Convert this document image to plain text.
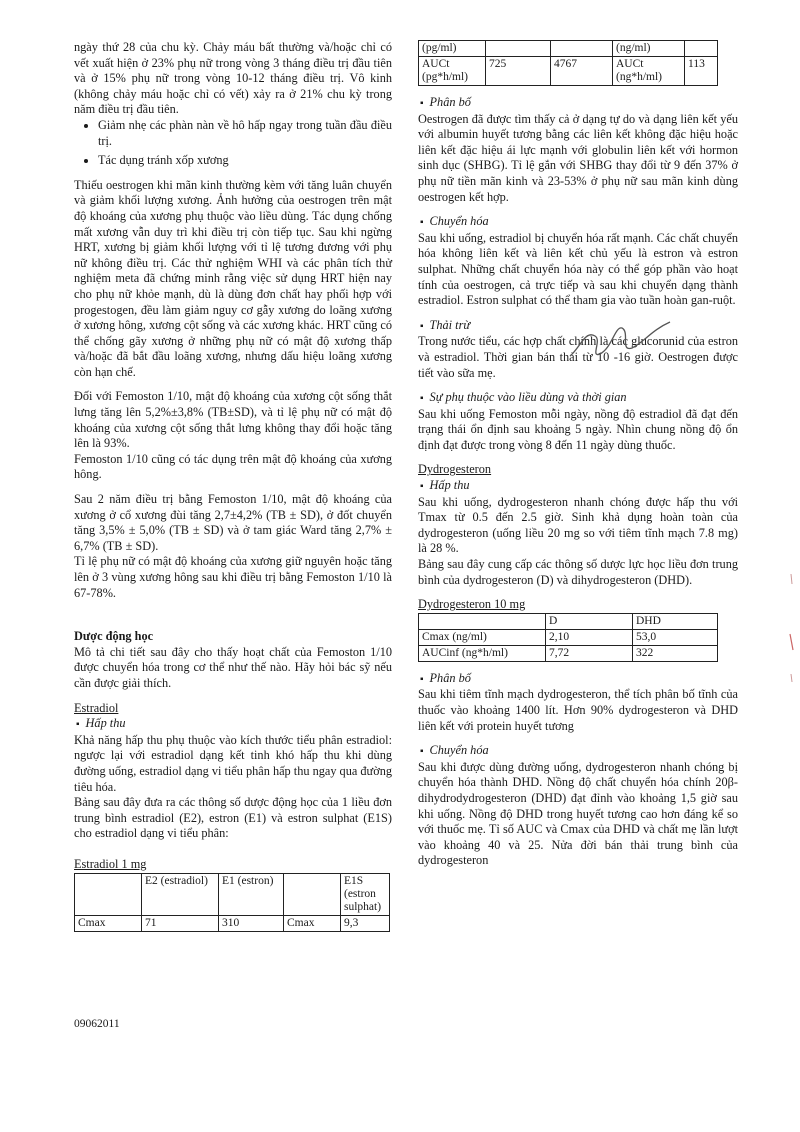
ngày thứ 28 của chu kỳ. Chảy máu bất thường và/hoặc chỉ có vết xuất hiện ở 23% phụ nữ trong vòng 3 tháng điều trị đầu tiên và ở 15% phụ nữ trong vòng 10-12 tháng điều trị. Vô kinh (không chảy máu hoặc chỉ có vết) xảy ra ở 21% chu kỳ trong năm điều trị đầu tiên.

• Giảm nhẹ các phàn nàn về hô hấp ngay trong tuần đầu điều trị.
• Tác dụng tránh xốp xương

Thiếu oestrogen khi mãn kinh thường kèm với tăng luân chuyển và giảm khối lượng xương. Ảnh hưởng của oestrogen trên mật độ khoáng của xương phụ thuộc vào liều dùng. Tác dụng chống mất xương vẫn duy trì khi điều trị còn tiếp tục. Sau khi ngừng HRT, xương bị giảm khối lượng với tỉ lệ tương đương với phụ nữ không điều trị. Các thử nghiệm WHI và các phân tích thử nghiệm meta đã chứng minh rằng việc sử dụng HRT hiện nay cho phụ nữ khỏe mạnh, dù là dùng đơn chất hay phối hợp với progestogen, đều làm giảm nguy cơ gẫy xương do loãng xương ở xương hông, xương cột sống và các xương khác. HRT cũng có thể chống gãy xương ở những phụ nữ có mật độ xương thấp và/hoặc đã bắt đầu loãng xương, nhưng dấu hiệu loãng xương còn hạn chế.

Đối với Femoston 1/10, mật độ khoáng của xương cột sống thắt lưng tăng lên 5,2%±3,8% (TB±SD), và tỉ lệ phụ nữ có mật độ khoáng của xương cột sống thắt lưng không thay đổi hoặc tăng lên là 93%.

Femoston 1/10 cũng có tác dụng trên mật độ khoáng của xương hông.

Sau 2 năm điều trị bằng Femoston 1/10, mật độ khoáng của xương ở cổ xương đùi tăng 2,7±4,2% (TB ± SD), ở đốt chuyển tăng 3,5% ± 5,0% (TB ± SD) và ở tam giác Ward tăng 2,7% ± 6,7% (TB ± SD).

Tỉ lệ phụ nữ có mật độ khoáng của xương giữ nguyên hoặc tăng lên ở 3 vùng xương hông sau khi điều trị bằng Femoston 1/10 là 67-78%.

Dược động học

Mô tả chi tiết sau đây cho thấy hoạt chất của Femoston 1/10 được chuyển hóa trong cơ thể như thế nào. Hãy hỏi bác sỹ nếu cần được giải thích.

Estradiol

▪ Hấp thu

Khả năng hấp thu phụ thuộc vào kích thước tiểu phân estradiol: ngược lại với estradiol dạng kết tinh khó hấp thu khi dùng đường uống, estradiol dạng vi tiểu phân hấp thu ngay qua đường tiêu hóa.

Bảng sau đây đưa ra các thông số dược động học của 1 liều đơn trung bình estradiol (E2), estron (E1) và estron sulphat (E1S) cho estradiol dạng vi tiểu phân:

Estradiol 1 mg

	E2 (estradiol)	E1 (estron)		E1S (estron sulphat)
Cmax	71	310	Cmax	9,3
(pg/ml)			(ng/ml)	
AUCt (pg*h/ml)	725	4767	AUCt (ng*h/ml)	113

▪ Phân bố

Oestrogen đã được tìm thấy cả ở dạng tự do và dạng liên kết yếu với albumin huyết tương bằng các liên kết không đặc hiệu hoặc liên kết đặc hiệu ái lực mạnh với globulin liên kết với hormon sinh dục (SHBG). Tỉ lệ gắn với SHBG thay đổi từ 9 đến 37% ở phụ nữ tiền mãn kinh và 23-53% ở phụ nữ sau mãn kinh dùng oestrogen kết hợp.

▪ Chuyển hóa

Sau khi uống, estradiol bị chuyển hóa rất mạnh. Các chất chuyển hóa không liên kết và liên kết chủ yếu là estron và estron sulphat. Những chất chuyển hóa này có thể góp phần vào hoạt tính của oestrogen, cả trực tiếp và sau khi chuyển dạng thành estradiol. Estron sulphat có thể tham gia vào tuần hoàn gan-ruột.

▪ Thải trừ

Trong nước tiểu, các hợp chất chính là các glucorunid của estron và estradiol. Thời gian bán thải từ 10 -16 giờ. Oestrogen được tiết vào sữa mẹ.

▪ Sự phụ thuộc vào liều dùng và thời gian

Sau khi uống Femoston mỗi ngày, nồng độ estradiol đã đạt đến trạng thái ổn định sau khoảng 5 ngày. Nhìn chung nồng độ ổn định đạt được trong vòng 8 đến 11 ngày dùng thuốc.

Dydrogesteron

▪ Hấp thu

Sau khi uống, dydrogesteron nhanh chóng được hấp thu với Tmax từ 0.5 đến 2.5 giờ. Sinh khả dụng hoàn toàn của dydrogesteron (uống liều 20 mg so với tiêm tĩnh mạch 7.8 mg) là 28 %.

Bảng sau đây cung cấp các thông số dược lực học liều đơn trung bình của dydrogesteron (D) và dihydrogesteron (DHD).

Dydrogesteron 10 mg

	D	DHD
Cmax (ng/ml)	2,10	53,0
AUCinf (ng*h/ml)	7,72	322

▪ Phân bố

Sau khi tiêm tĩnh mạch dydrogesteron, thể tích phân bố tĩnh của thuốc vào khoảng 1400 lít. Hơn 90% dydrogesteron và DHD liên kết với protein huyết tương

▪ Chuyển hóa

Sau khi được dùng đường uống, dydrogesteron nhanh chóng bị chuyển hóa thành DHD. Nồng độ chất chuyển hóa chính 20β-dihydrodydrogesteron (DHD) đạt đỉnh vào khoảng 1,5 giờ sau khi uống. Nồng độ DHD trong huyết tương cao hơn đáng kể so với thuốc mẹ. Tỉ số AUC và Cmax của DHD và chất mẹ lần lượt vào khoảng 40 và 25. Nửa đời bán thải trung bình của dydrogesteron

09062011
